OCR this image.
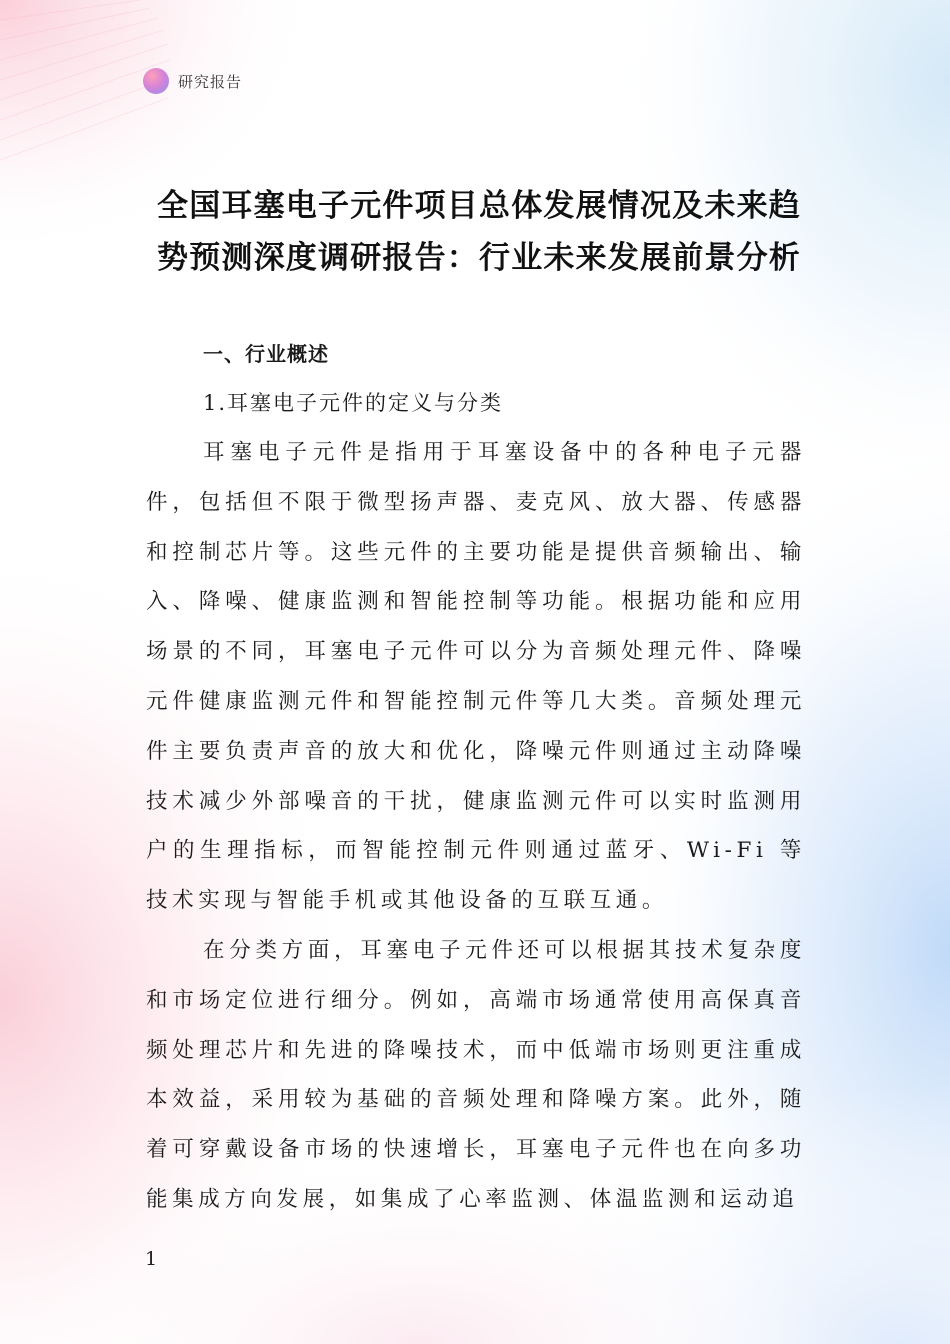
研究报告
全国耳塞电子元件项目总体发展情况及未来趋势预测深度调研报告：行业未来发展前景分析
一、行业概述
1.耳塞电子元件的定义与分类

耳塞电子元件是指用于耳塞设备中的各种电子元器件，包括但不限于微型扬声器、麦克风、放大器、传感器和控制芯片等。这些元件的主要功能是提供音频输出、输入、降噪、健康监测和智能控制等功能。根据功能和应用场景的不同，耳塞电子元件可以分为音频处理元件、降噪元件健康监测元件和智能控制元件等几大类。音频处理元件主要负责声音的放大和优化，降噪元件则通过主动降噪技术减少外部噪音的干扰，健康监测元件可以实时监测用户的生理指标，而智能控制元件则通过蓝牙、Wi-Fi 等技术实现与智能手机或其他设备的互联互通。

在分类方面，耳塞电子元件还可以根据其技术复杂度和市场定位进行细分。例如，高端市场通常使用高保真音频处理芯片和先进的降噪技术，而中低端市场则更注重成本效益，采用较为基础的音频处理和降噪方案。此外，随着可穿戴设备市场的快速增长，耳塞电子元件也在向多功能集成方向发展，如集成了心率监测、体温监测和运动追

1
